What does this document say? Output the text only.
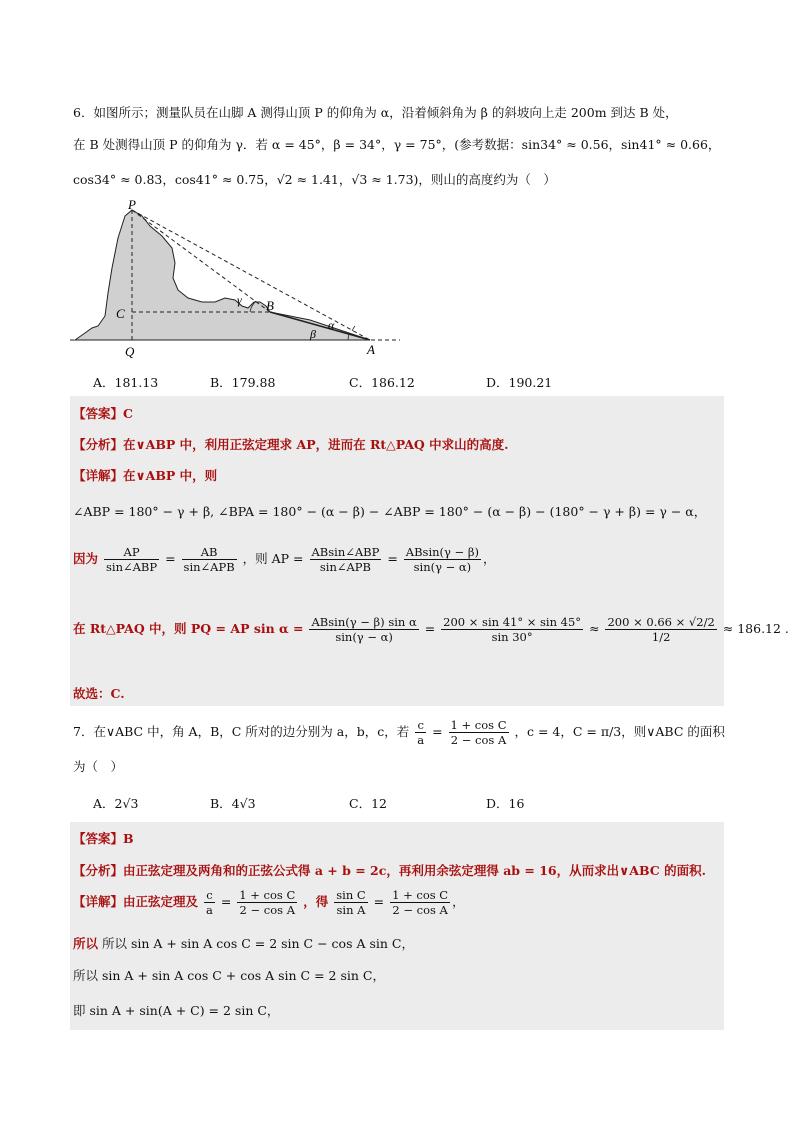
6．如图所示；测量队员在山脚 A 测得山顶 P 的仰角为 α，沿着倾斜角为 β 的斜坡向上走 200m 到达 B 处，
在 B 处测得山顶 P 的仰角为 γ．若 α = 45°，β = 34°，γ = 75°，(参考数据：sin34° ≈ 0.56，sin41° ≈ 0.66，
cos34° ≈ 0.83，cos41° ≈ 0.75，√2 ≈ 1.41，√3 ≈ 1.73)，则山的高度约为（　）
P
C
Q
B
A
γ
β
α
A．181.13	B．179.88	C．186.12	D．190.21
【答案】C
【分析】在∨ABP 中，利用正弦定理求 AP，进而在 Rt△PAQ 中求山的高度.
【详解】在∨ABP 中，则
∠ABP = 180° − γ + β, ∠BPA = 180° − (α − β) − ∠ABP = 180° − (α − β) − (180° − γ + β) = γ − α，
因为 $\frac{AP}{\text{sin∠ABP}} = \frac{AB}{\text{sin∠APB}}$ ，则 AP = $\frac{\text{ABsin∠ABP}}{\text{sin∠APB}} = \frac{ABsin(\gamma - \beta)}{\sin(\gamma - \alpha)}$ ，
在 Rt△PAQ 中，则 PQ = AP $\sin \alpha = \frac{\text{ABsin(γ − β) sin α}}{\sin(\gamma - \alpha)} = \frac{200 \times \sin 41^\circ \times \sin 45^\circ}{\sin 30^\circ} \approx \frac{200 \times 0.66 \times √2/2}{1/2} \approx 186.12$ .
故选：C.
7．在∨ABC 中，角 A，B，C 所对的边分别为 a，b，c，若 $\frac{c}{a} = \frac{\text{1 + cos C}}{\text{2 − cos A}}$ ，c = 4，C = π/3，则∨ABC 的面积
为（　）
A．2√3	B．4√3	C．12	D．16
【答案】B
【分析】由正弦定理及两角和的正弦公式得 a + b = 2c，再利用余弦定理得 ab = 16，从而求出∨ABC 的面积.
【详解】由正弦定理及 $\frac{c}{a} = \frac{\text{1 + cos C}}{\text{2 − cos A}}$ ，得 $\frac{\text{sin C}}{\text{sin A}} = \frac{\text{1 + cos C}}{\text{2 − cos A}}$ ，
所以 所以 sin A + sin A cos C = 2 sin C − cos A sin C，
所以 sin A + sin A cos C + cos A sin C = 2 sin C，
即 sin A + sin(A + C) = 2 sin C，
